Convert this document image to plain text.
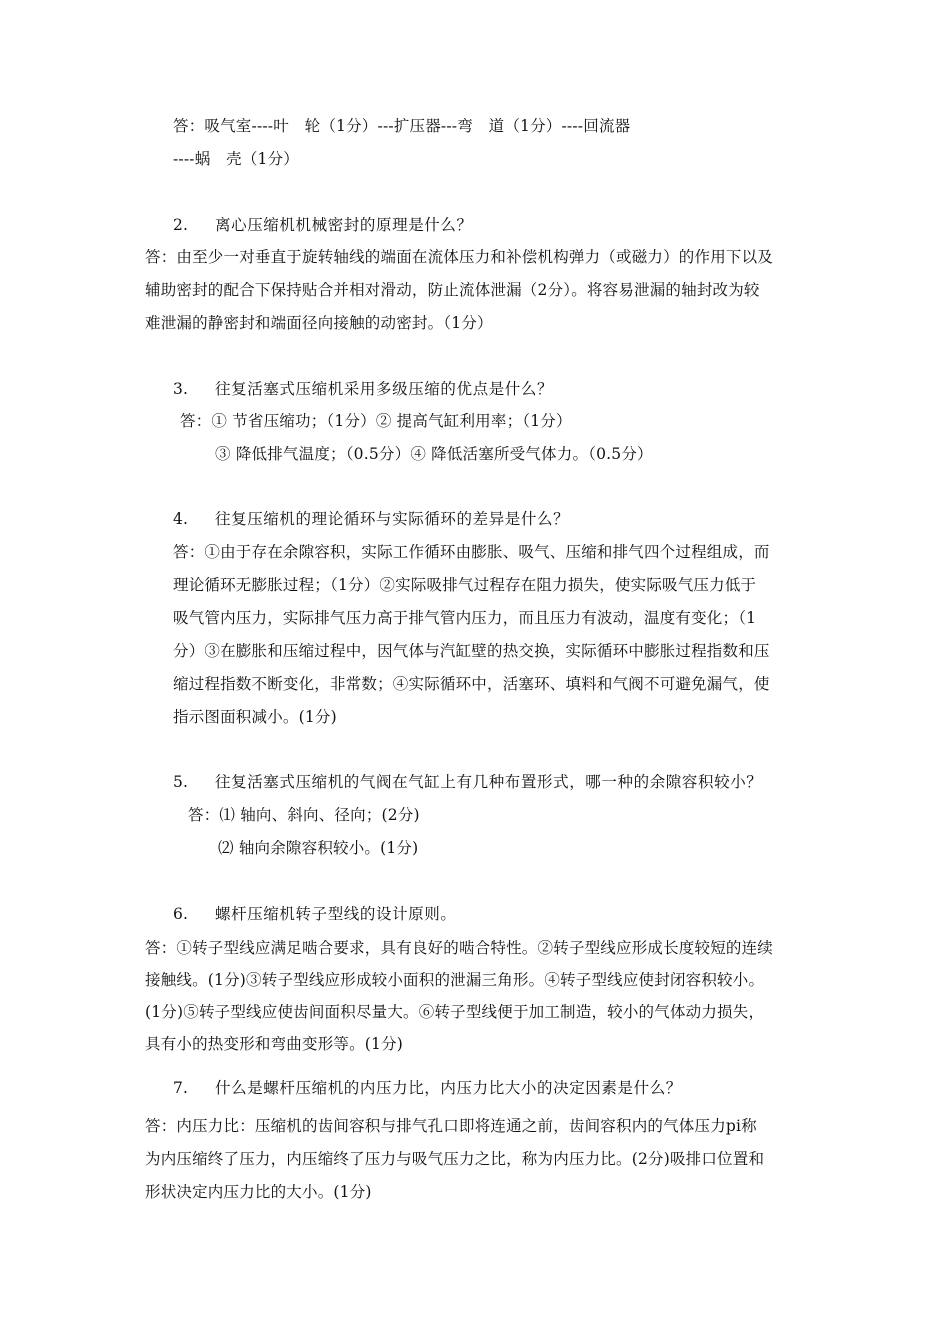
答：吸气室----叶　轮（1分）---扩压器---弯　道（1分）----回流器
----蜗　壳（1分）
2. 离心压缩机机械密封的原理是什么？
答：由至少一对垂直于旋转轴线的端面在流体压力和补偿机构弹力（或磁力）的作用下以及
辅助密封的配合下保持贴合并相对滑动，防止流体泄漏（2分）。将容易泄漏的轴封改为较
难泄漏的静密封和端面径向接触的动密封。（1分）
3. 往复活塞式压缩机采用多级压缩的优点是什么？
答：① 节省压缩功；（1分）② 提高气缸利用率；（1分）
③ 降低排气温度；（0.5分）④ 降低活塞所受气体力。（0.5分）
4. 往复压缩机的理论循环与实际循环的差异是什么？
答：①由于存在余隙容积，实际工作循环由膨胀、吸气、压缩和排气四个过程组成，而
理论循环无膨胀过程；（1分）②实际吸排气过程存在阻力损失，使实际吸气压力低于
吸气管内压力，实际排气压力高于排气管内压力，而且压力有波动，温度有变化；（1
分）③在膨胀和压缩过程中，因气体与汽缸壁的热交换，实际循环中膨胀过程指数和压
缩过程指数不断变化，非常数；④实际循环中，活塞环、填料和气阀不可避免漏气，使
指示图面积减小。(1分)
5. 往复活塞式压缩机的气阀在气缸上有几种布置形式，哪一种的余隙容积较小？
答：⑴ 轴向、斜向、径向；(2分)
⑵ 轴向余隙容积较小。(1分)
6. 螺杆压缩机转子型线的设计原则。
答：①转子型线应满足啮合要求，具有良好的啮合特性。②转子型线应形成长度较短的连续
接触线。(1分)③转子型线应形成较小面积的泄漏三角形。④转子型线应使封闭容积较小。
(1分)⑤转子型线应使齿间面积尽量大。⑥转子型线便于加工制造，较小的气体动力损失，
具有小的热变形和弯曲变形等。(1分)
7. 什么是螺杆压缩机的内压力比，内压力比大小的决定因素是什么？
答：内压力比：压缩机的齿间容积与排气孔口即将连通之前，齿间容积内的气体压力pi称
为内压缩终了压力，内压缩终了压力与吸气压力之比，称为内压力比。(2分)吸排口位置和
形状决定内压力比的大小。(1分)
